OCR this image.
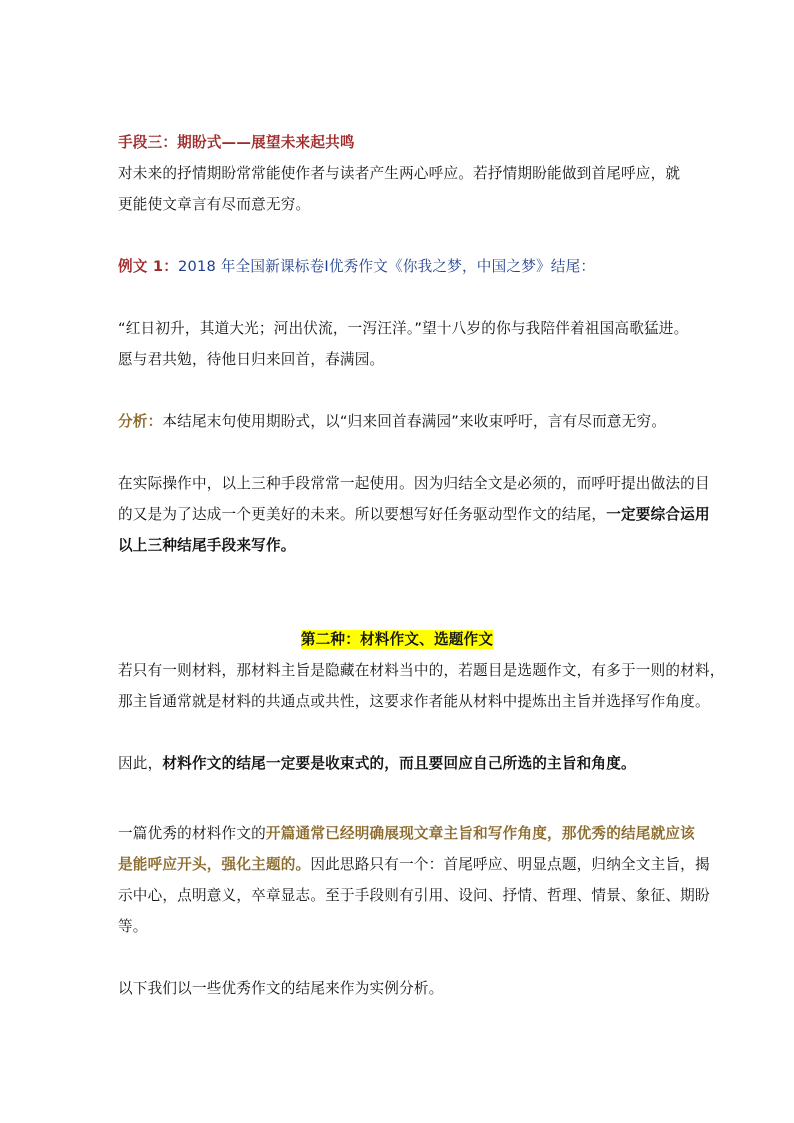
手段三：期盼式——展望未来起共鸣
对未来的抒情期盼常常能使作者与读者产生两心呼应。若抒情期盼能做到首尾呼应，就
更能使文章言有尽而意无穷。
例文 1：2018 年全国新课标卷Ⅰ优秀作文《你我之梦，中国之梦》结尾：
“红日初升，其道大光；河出伏流，一泻汪洋。”望十八岁的你与我陪伴着祖国高歌猛进。
愿与君共勉，待他日归来回首，春满园。
分析：本结尾末句使用期盼式，以“归来回首春满园”来收束呼吁，言有尽而意无穷。
在实际操作中，以上三种手段常常一起使用。因为归结全文是必须的，而呼吁提出做法的目
的又是为了达成一个更美好的未来。所以要想写好任务驱动型作文的结尾，一定要综合运用
以上三种结尾手段来写作。
第二种：材料作文、选题作文
若只有一则材料，那材料主旨是隐藏在材料当中的，若题目是选题作文，有多于一则的材料，
那主旨通常就是材料的共通点或共性，这要求作者能从材料中提炼出主旨并选择写作角度。
因此，材料作文的结尾一定要是收束式的，而且要回应自己所选的主旨和角度。
一篇优秀的材料作文的开篇通常已经明确展现文章主旨和写作角度，那优秀的结尾就应该
是能呼应开头，强化主题的。因此思路只有一个：首尾呼应、明显点题，归纳全文主旨，揭
示中心，点明意义，卒章显志。至于手段则有引用、设问、抒情、哲理、情景、象征、期盼
等。
以下我们以一些优秀作文的结尾来作为实例分析。
